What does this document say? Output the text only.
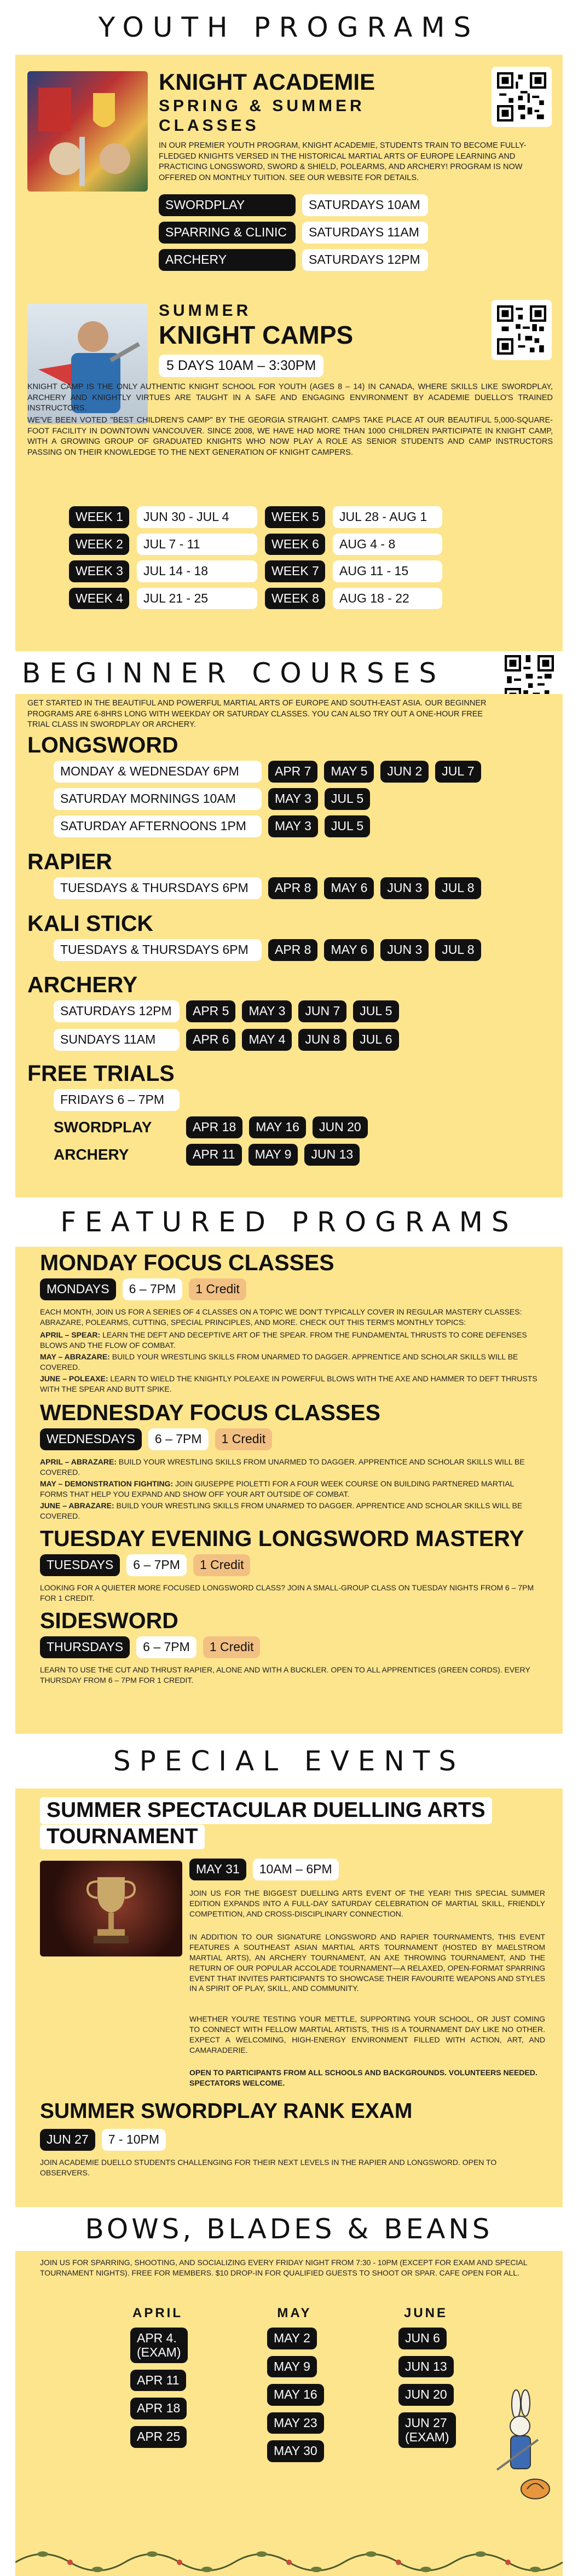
YOUTH PROGRAMS
KNIGHT ACADEMIE
SPRING & SUMMER
CLASSES
IN OUR PREMIER YOUTH PROGRAM, KNIGHT ACADEMIE, STUDENTS TRAIN TO BECOME FULLY-FLEDGED KNIGHTS VERSED IN THE HISTORICAL MARTIAL ARTS OF EUROPE LEARNING AND PRACTICING LONGSWORD, SWORD & SHIELD, POLEARMS, AND ARCHERY! PROGRAM IS NOW OFFERED ON MONTHLY TUITION. SEE OUR WEBSITE FOR DETAILS.
SWORDPLAY	SATURDAYS 10AM
SPARRING & CLINIC	SATURDAYS 11AM
ARCHERY	SATURDAYS 12PM
SUMMER
KNIGHT CAMPS
5 DAYS 10AM – 3:30PM
KNIGHT CAMP IS THE ONLY AUTHENTIC KNIGHT SCHOOL FOR YOUTH (AGES 8 – 14) IN CANADA, WHERE SKILLS LIKE SWORDPLAY, ARCHERY AND KNIGHTLY VIRTUES ARE TAUGHT IN A SAFE AND ENGAGING ENVIRONMENT BY ACADEMIE DUELLO'S TRAINED INSTRUCTORS.
WE'VE BEEN VOTED "BEST CHILDREN'S CAMP" BY THE GEORGIA STRAIGHT. CAMPS TAKE PLACE AT OUR BEAUTIFUL 5,000-SQUARE-FOOT FACILITY IN DOWNTOWN VANCOUVER. SINCE 2008, WE HAVE HAD MORE THAN 1000 CHILDREN PARTICIPATE IN KNIGHT CAMP, WITH A GROWING GROUP OF GRADUATED KNIGHTS WHO NOW PLAY A ROLE AS SENIOR STUDENTS AND CAMP INSTRUCTORS PASSING ON THEIR KNOWLEDGE TO THE NEXT GENERATION OF KNIGHT CAMPERS.
WEEK 1	JUN 30 - JUL 4	WEEK 5	JUL 28 - AUG 1
WEEK 2	JUL 7 - 11	WEEK 6	AUG 4 - 8
WEEK 3	JUL 14 - 18	WEEK 7	AUG 11 - 15
WEEK 4	JUL 21 - 25	WEEK 8	AUG 18 - 22
BEGINNER COURSES
GET STARTED IN THE BEAUTIFUL AND POWERFUL MARTIAL ARTS OF EUROPE AND SOUTH-EAST ASIA. OUR BEGINNER PROGRAMS ARE 6-8HRS LONG WITH WEEKDAY OR SATURDAY CLASSES. YOU CAN ALSO TRY OUT A ONE-HOUR FREE TRIAL CLASS IN SWORDPLAY OR ARCHERY.
LONGSWORD
MONDAY & WEDNESDAY 6PM	APR 7	MAY 5	JUN 2	JUL 7
SATURDAY MORNINGS 10AM	MAY 3	JUL 5
SATURDAY AFTERNOONS 1PM	MAY 3	JUL 5
RAPIER
TUESDAYS & THURSDAYS 6PM	APR 8	MAY 6	JUN 3	JUL 8
KALI STICK
TUESDAYS & THURSDAYS 6PM	APR 8	MAY 6	JUN 3	JUL 8
ARCHERY
SATURDAYS 12PM	APR 5	MAY 3	JUN 7	JUL 5
SUNDAYS 11AM	APR 6	MAY 4	JUN 8	JUL 6
FREE TRIALS
FRIDAYS 6 – 7PM
SWORDPLAY	APR 18	MAY 16	JUN 20
ARCHERY	APR 11	MAY 9	JUN 13
FEATURED PROGRAMS
MONDAY FOCUS CLASSES
MONDAYS	6 – 7PM	1 Credit
EACH MONTH, JOIN US FOR A SERIES OF 4 CLASSES ON A TOPIC WE DON'T TYPICALLY COVER IN REGULAR MASTERY CLASSES: ABRAZARE, POLEARMS, CUTTING, SPECIAL PRINCIPLES, AND MORE. CHECK OUT THIS TERM'S MONTHLY TOPICS:
APRIL – SPEAR: LEARN THE DEFT AND DECEPTIVE ART OF THE SPEAR. FROM THE FUNDAMENTAL THRUSTS TO CORE DEFENSES BLOWS AND THE FLOW OF COMBAT.
MAY – ABRAZARE: BUILD YOUR WRESTLING SKILLS FROM UNARMED TO DAGGER. APPRENTICE AND SCHOLAR SKILLS WILL BE COVERED.
JUNE – POLEAXE: LEARN TO WIELD THE KNIGHTLY POLEAXE IN POWERFUL BLOWS WITH THE AXE AND HAMMER TO DEFT THRUSTS WITH THE SPEAR AND BUTT SPIKE.
WEDNESDAY FOCUS CLASSES
WEDNESDAYS	6 – 7PM	1 Credit
APRIL – ABRAZARE: BUILD YOUR WRESTLING SKILLS FROM UNARMED TO DAGGER. APPRENTICE AND SCHOLAR SKILLS WILL BE COVERED.
MAY – DEMONSTRATION FIGHTING: JOIN GIUSEPPE PIOLETTI FOR A FOUR WEEK COURSE ON BUILDING PARTNERED MARTIAL FORMS THAT HELP YOU EXPAND AND SHOW OFF YOUR ART OUTSIDE OF COMBAT.
JUNE – ABRAZARE: BUILD YOUR WRESTLING SKILLS FROM UNARMED TO DAGGER. APPRENTICE AND SCHOLAR SKILLS WILL BE COVERED.
TUESDAY EVENING LONGSWORD MASTERY
TUESDAYS	6 – 7PM	1 Credit
LOOKING FOR A QUIETER MORE FOCUSED LONGSWORD CLASS? JOIN A SMALL-GROUP CLASS ON TUESDAY NIGHTS FROM 6 – 7PM FOR 1 CREDIT.
SIDESWORD
THURSDAYS	6 – 7PM	1 Credit
LEARN TO USE THE CUT AND THRUST RAPIER, ALONE AND WITH A BUCKLER. OPEN TO ALL APPRENTICES (GREEN CORDS). EVERY THURSDAY FROM 6 – 7PM FOR 1 CREDIT.
SPECIAL EVENTS
SUMMER SPECTACULAR DUELLING ARTS
TOURNAMENT
MAY 31	10AM – 6PM
JOIN US FOR THE BIGGEST DUELLING ARTS EVENT OF THE YEAR! THIS SPECIAL SUMMER EDITION EXPANDS INTO A FULL-DAY SATURDAY CELEBRATION OF MARTIAL SKILL, FRIENDLY COMPETITION, AND CROSS-DISCIPLINARY CONNECTION.
IN ADDITION TO OUR SIGNATURE LONGSWORD AND RAPIER TOURNAMENTS, THIS EVENT FEATURES A SOUTHEAST ASIAN MARTIAL ARTS TOURNAMENT (HOSTED BY MAELSTROM MARTIAL ARTS), AN ARCHERY TOURNAMENT, AN AXE THROWING TOURNAMENT, AND THE RETURN OF OUR POPULAR ACCOLADE TOURNAMENT—A RELAXED, OPEN-FORMAT SPARRING EVENT THAT INVITES PARTICIPANTS TO SHOWCASE THEIR FAVOURITE WEAPONS AND STYLES IN A SPIRIT OF PLAY, SKILL, AND COMMUNITY.
WHETHER YOU'RE TESTING YOUR METTLE, SUPPORTING YOUR SCHOOL, OR JUST COMING TO CONNECT WITH FELLOW MARTIAL ARTISTS, THIS IS A TOURNAMENT DAY LIKE NO OTHER. EXPECT A WELCOMING, HIGH-ENERGY ENVIRONMENT FILLED WITH ACTION, ART, AND CAMARADERIE.
OPEN TO PARTICIPANTS FROM ALL SCHOOLS AND BACKGROUNDS. VOLUNTEERS NEEDED. SPECTATORS WELCOME.
SUMMER SWORDPLAY RANK EXAM
JUN 27	7 - 10PM
JOIN ACADEMIE DUELLO STUDENTS CHALLENGING FOR THEIR NEXT LEVELS IN THE RAPIER AND LONGSWORD. OPEN TO OBSERVERS.
BOWS, BLADES & BEANS
JOIN US FOR SPARRING, SHOOTING, AND SOCIALIZING EVERY FRIDAY NIGHT FROM 7:30 - 10PM (EXCEPT FOR EXAM AND SPECIAL TOURNAMENT NIGHTS). FREE FOR MEMBERS. $10 DROP-IN FOR QUALIFIED GUESTS TO SHOOT OR SPAR. CAFE OPEN FOR ALL.
APRIL
APR 4.
(EXAM)
APR 11
APR 18
APR 25
MAY
MAY 2
MAY 9
MAY 16
MAY 23
MAY 30
JUNE
JUN 6
JUN 13
JUN 20
JUN 27
(EXAM)
